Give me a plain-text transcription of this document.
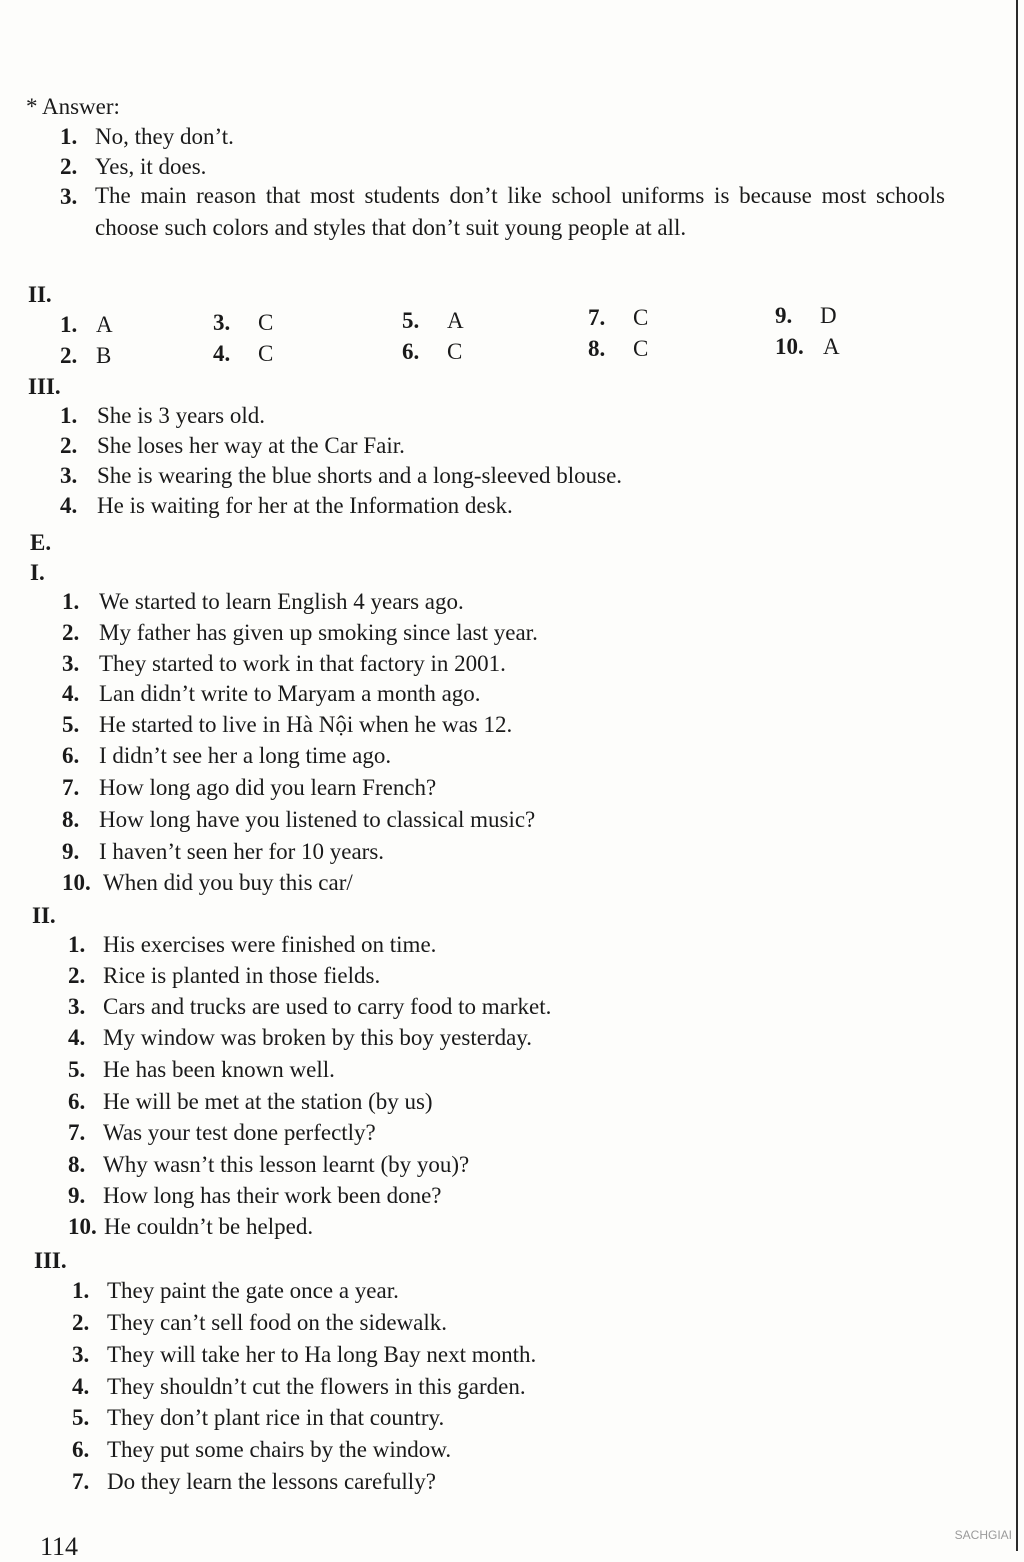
* Answer:
1. No, they don’t.
2. Yes, it does.
3. The main reason that most students don’t like school uniforms is because most schools choose such colors and styles that don’t suit young people at all.
II.
1. A
2. B
3. C
4. C
5. A
6. C
7. C
8. C
9. D
10. A
III.
1. She is 3 years old.
2. She loses her way at the Car Fair.
3. She is wearing the blue shorts and a long-sleeved blouse.
4. He is waiting for her at the Information desk.
E.
I.
1. We started to learn English 4 years ago.
2. My father has given up smoking since last year.
3. They started to work in that factory in 2001.
4. Lan didn’t write to Maryam a month ago.
5. He started to live in Hà Nội when he was 12.
6. I didn’t see her a long time ago.
7. How long ago did you learn French?
8. How long have you listened to classical music?
9. I haven’t seen her for 10 years.
10. When did you buy this car/
II.
1. His exercises were finished on time.
2. Rice is planted in those fields.
3. Cars and trucks are used to carry food to market.
4. My window was broken by this boy yesterday.
5. He has been known well.
6. He will be met at the station (by us)
7. Was your test done perfectly?
8. Why wasn’t this lesson learnt (by you)?
9. How long has their work been done?
10. He couldn’t be helped.
III.
1. They paint the gate once a year.
2. They can’t sell food on the sidewalk.
3. They will take her to Ha long Bay next month.
4. They shouldn’t cut the flowers in this garden.
5. They don’t plant rice in that country.
6. They put some chairs by the window.
7. Do they learn the lessons carefully?
114	SACHGIAI
